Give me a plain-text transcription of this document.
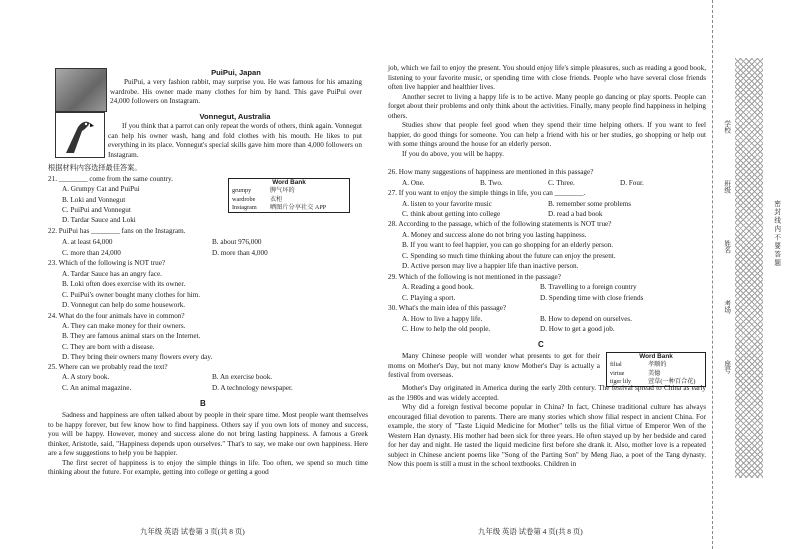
PuiPui, Japan

PuiPui, a very fashion rabbit, may surprise you. He was famous for his amazing wardrobe. His owner made many clothes for him by hand. This gave PuiPui over 24,000 followers on Instagram.

Vonnegut, Australia

If you think that a parrot can only repeat the words of others, think again. Vonnegut can help his owner wash, hang and fold clothes with his mouth. He likes to put everything in its place. Vonnegut's special skills gave him more than 4,000 followers on Instagram.

根据材料内容选择最佳答案。
Word Bank
grumpy	脾气坏的
wardrobe	衣柜
Instagram	晒图片分享社交 APP
21. ________ come from the same country.
A. Grumpy Cat and PuiPui
B. Loki and Vonnegut
C. PuiPui and Vonnegut
D. Tardar Sauce and Loki
22. PuiPui has ________ fans on the Instagram.
A. at least 64,000	B. about 976,000
C. more than 24,000	D. more than 4,000
23. Which of the following is NOT true?
A. Tardar Sauce has an angry face.
B. Loki often does exercise with its owner.
C. PuiPui's owner bought many clothes for him.
D. Vonnegut can help do some housework.
24. What do the four animals have in common?
A. They can make money for their owners.
B. They are famous animal stars on the Internet.
C. They are born with a disease.
D. They bring their owners many flowers every day.
25. Where can we probably read the text?
A. A story book.	B. An exercise book.
C. An animal magazine.	D. A technology newspaper.
B

Sadness and happiness are often talked about by people in their spare time. Most people want themselves to be happy forever, but few know how to find happiness. Others say if you own lots of money and success, you will be happy. However, money and success alone do not bring lasting happiness. A famous a Greek thinker, Aristotle, said, "Happiness depends upon ourselves." That's to say, we make our own happiness. Here are a few suggestions to help you be happier.

The first secret of happiness is to enjoy the simple things in life. Too often, we spend so much time thinking about the future. For example, getting into college or getting a good

九年级 英语 试卷第 3 页(共 8 页)

job, which we fail to enjoy the present. You should enjoy life's simple pleasures, such as reading a good book, listening to your favorite music, or spending time with close friends. People who have several close friends often live happier and healthier lives.

Another secret to living a happy life is to be active. Many people go dancing or play sports. People can forget about their problems and only think about the activities. Finally, many people find happiness in helping others.

Studies show that people feel good when they spend their time helping others. If you want to feel happier, do good things for someone. You can help a friend with his or her studies, go shopping or help out with some things around the house for an elderly person.

If you do above, you will be happy.

26. How many suggestions of happiness are mentioned in this passage?
A. One.	B. Two.	C. Three.	D. Four.
27. If you want to enjoy the simple things in life, you can ________.
A. listen to your favorite music	B. remember some problems
C. think about getting into college	D. read a bad book
28. According to the passage, which of the following statements is NOT true?
A. Money and success alone do not bring you lasting happiness.
B. If you want to feel happier, you can go shopping for an elderly person.
C. Spending so much time thinking about the future can enjoy the present.
D. Active person may live a happier life than inactive person.
29. Which of the following is not mentioned in the passage?
A. Reading a good book.	B. Travelling to a foreign country
C. Playing a sport.	D. Spending time with close friends
30. What's the main idea of this passage?
A. How to live a happy life.	B. How to depend on ourselves.
C. How to help the old people.	D. How to get a good job.
C
Word Bank
filial	孝顺的
virtue	美德
tiger lily	萱草(一种百合花)

Many Chinese people will wonder what presents to get for their moms on Mother's Day, but not many know Mother's Day is actually a festival from overseas.

Mother's Day originated in America during the early 20th century. The festival spread to China as early as the 1980s and was widely accepted.

Why did a foreign festival become popular in China? In fact, Chinese traditional culture has always encouraged filial devotion to parents. There are many stories which show filial respect in ancient China. For example, the story of "Taste Liquid Medicine for Mother" tells us the filial virtue of Emperor Wen of the Western Han dynasty. His mother had been sick for three years. He often stayed up by her bedside and cared for her day and night. He tasted the liquid medicine first before she drank it. Also, mother love is a repeated subject in Chinese ancient poems like "Song of the Parting Son" by Meng Jiao, a poet of the Tang dynasty. Now this poem is still a must in the school textbooks. Children in

九年级 英语 试卷第 4 页(共 8 页)
学校
班级
姓名
考场
座号
密 封 线 内 不 要 答 题
